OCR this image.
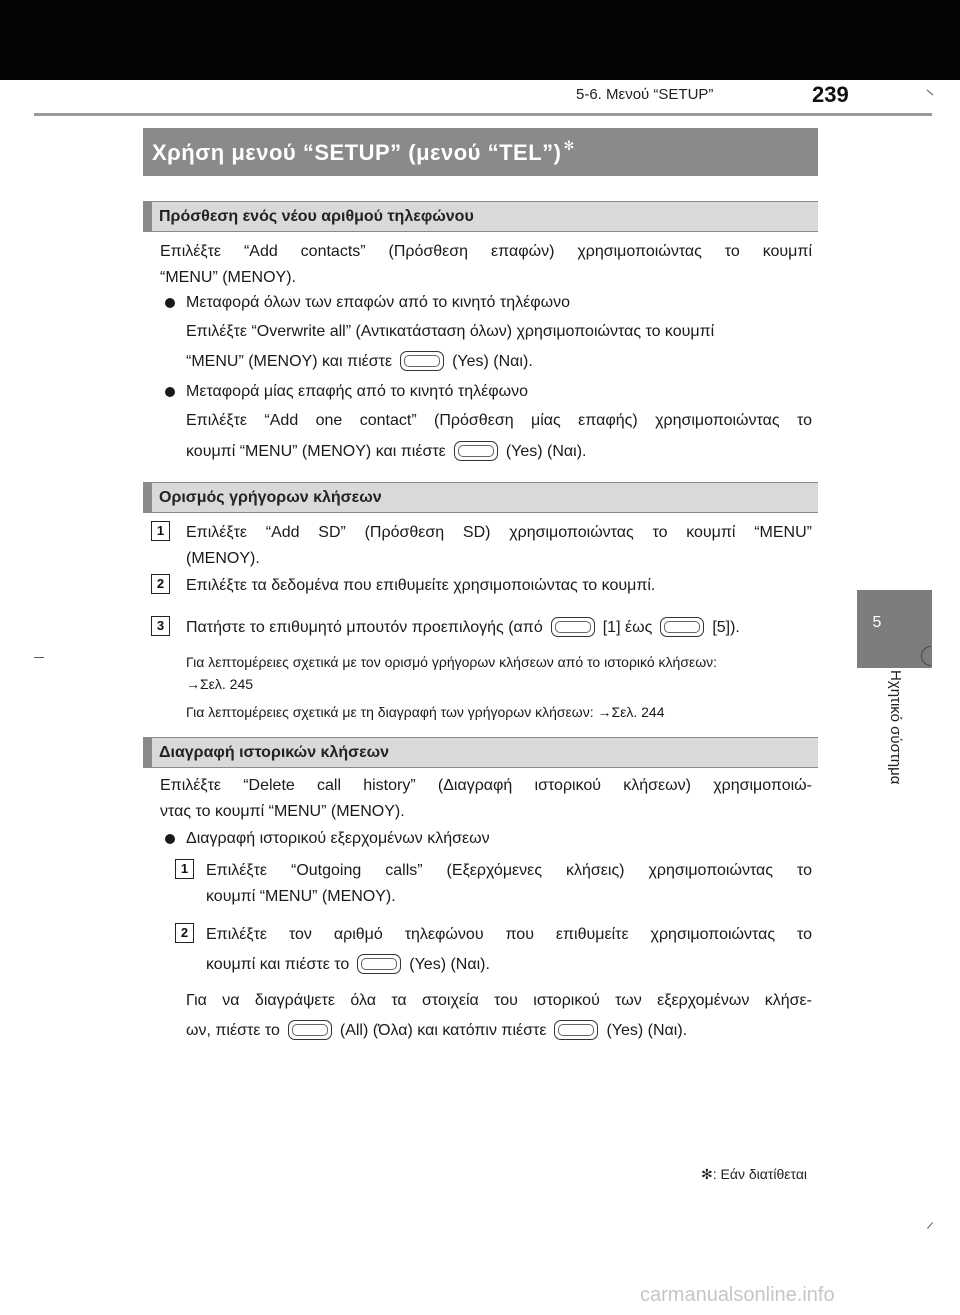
5-6. Μενού “SETUP”	239
5
Ηχητικό σύστημα
Χρήση μενού “SETUP” (μενού “TEL”) ✻
Πρόσθεση ενός νέου αριθμού τηλεφώνου
Επιλέξτε “Add contacts” (Πρόσθεση επαφών) χρησιμοποιώντας το κουμπί
“MENU” (MENOY).
Μεταφορά όλων των επαφών από το κινητό τηλέφωνο
Επιλέξτε “Overwrite all” (Αντικατάσταση όλων) χρησιμοποιώντας το κουμπί
“MENU” (MENOY) και πιέστε	(Yes) (Ναι).
Μεταφορά μίας επαφής από το κινητό τηλέφωνο
Επιλέξτε “Add one contact” (Πρόσθεση μίας επαφής) χρησιμοποιώντας το
κουμπί “MENU” (MENOY) και πιέστε	(Yes) (Ναι).
Ορισμός γρήγορων κλήσεων
1	Επιλέξτε “Add SD” (Πρόσθεση SD) χρησιμοποιώντας το κουμπί “MENU”
(MENOY).
2	Επιλέξτε τα δεδομένα που επιθυμείτε χρησιμοποιώντας το κουμπί.
3	Πατήστε το επιθυμητό μπουτόν προεπιλογής (από	[1] έως	[5]).
Για λεπτομέρειες σχετικά με τον ορισμό γρήγορων κλήσεων από το ιστορικό κλήσεων:
→Σελ. 245
Για λεπτομέρειες σχετικά με τη διαγραφή των γρήγορων κλήσεων: →Σελ. 244
Διαγραφή ιστορικών κλήσεων
Επιλέξτε “Delete call history” (Διαγραφή ιστορικού κλήσεων) χρησιμοποιώ-
ντας το κουμπί “MENU” (MENOY).
Διαγραφή ιστορικού εξερχομένων κλήσεων
1	Επιλέξτε “Outgoing calls” (Εξερχόμενες κλήσεις) χρησιμοποιώντας το
κουμπί “MENU” (MENOY).
2	Επιλέξτε τον αριθμό τηλεφώνου που επιθυμείτε χρησιμοποιώντας το
κουμπί και πιέστε το	(Yes) (Ναι).
Για να διαγράψετε όλα τα στοιχεία του ιστορικού των εξερχομένων κλήσε-
ων, πιέστε το	(All) (Όλα) και κατόπιν πιέστε	(Yes) (Ναι).
✻: Εάν διατίθεται
carmanualsonline.info
